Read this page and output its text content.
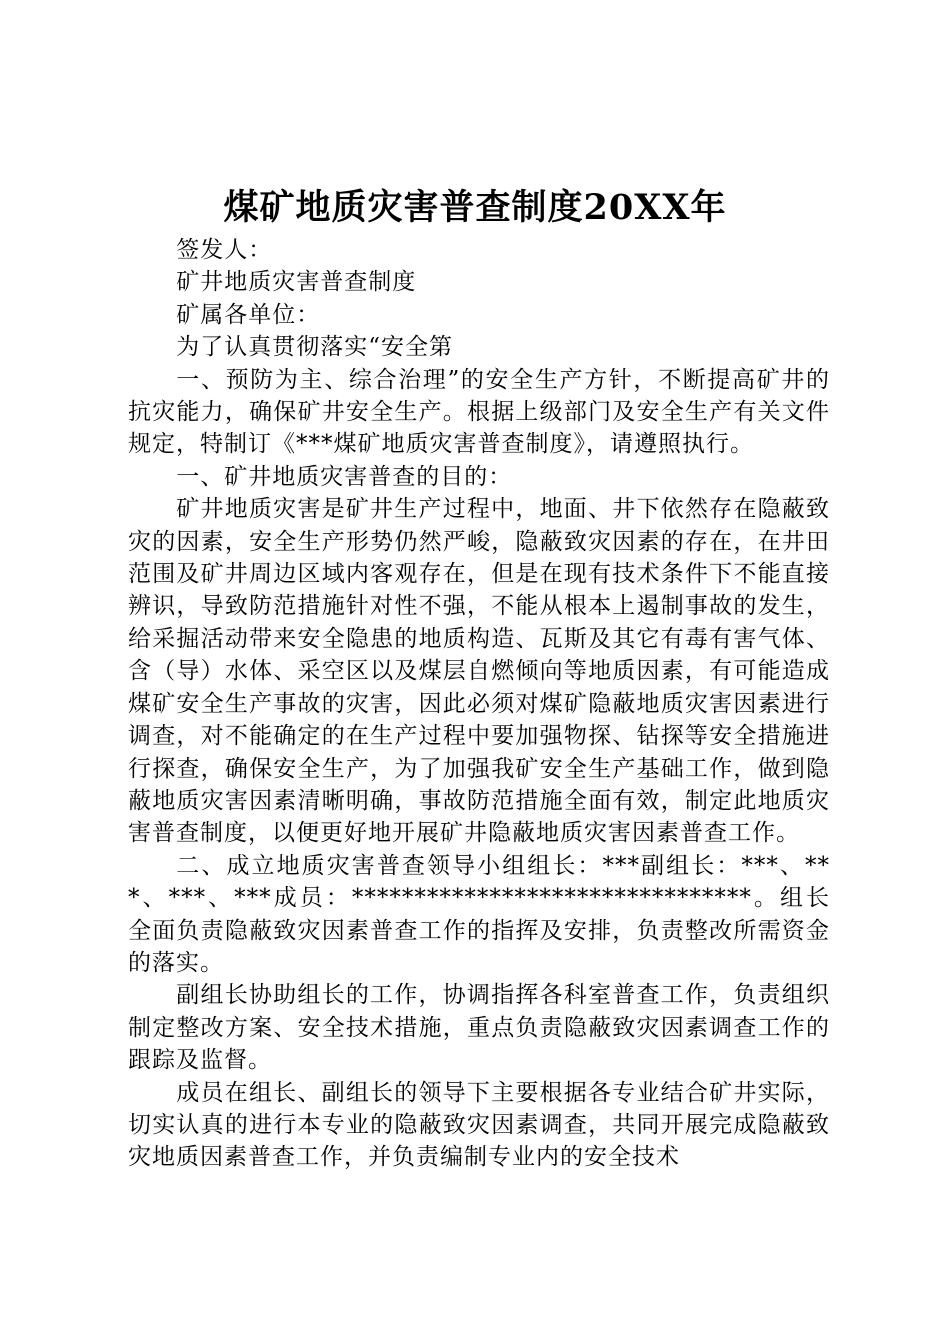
煤矿地质灾害普查制度20XX年

签发人：

矿井地质灾害普查制度

矿属各单位：

为了认真贯彻落实“安全第

一、预防为主、综合治理”的安全生产方针，不断提高矿井的抗灾能力，确保矿井安全生产。根据上级部门及安全生产有关文件规定，特制订《***煤矿地质灾害普查制度》，请遵照执行。

一、矿井地质灾害普查的目的：

矿井地质灾害是矿井生产过程中，地面、井下依然存在隐蔽致灾的因素，安全生产形势仍然严峻，隐蔽致灾因素的存在，在井田范围及矿井周边区域内客观存在，但是在现有技术条件下不能直接辨识，导致防范措施针对性不强，不能从根本上遏制事故的发生，给采掘活动带来安全隐患的地质构造、瓦斯及其它有毒有害气体、含（导）水体、采空区以及煤层自燃倾向等地质因素，有可能造成煤矿安全生产事故的灾害，因此必须对煤矿隐蔽地质灾害因素进行调查，对不能确定的在生产过程中要加强物探、钻探等安全措施进行探查，确保安全生产，为了加强我矿安全生产基础工作，做到隐蔽地质灾害因素清晰明确，事故防范措施全面有效，制定此地质灾害普查制度，以便更好地开展矿井隐蔽地质灾害因素普查工作。

二、成立地质灾害普查领导小组组长：***副组长：***、***、***、***成员：********************************。组长全面负责隐蔽致灾因素普查工作的指挥及安排，负责整改所需资金的落实。

副组长协助组长的工作，协调指挥各科室普查工作，负责组织制定整改方案、安全技术措施，重点负责隐蔽致灾因素调查工作的跟踪及监督。

成员在组长、副组长的领导下主要根据各专业结合矿井实际，切实认真的进行本专业的隐蔽致灾因素调查，共同开展完成隐蔽致灾地质因素普查工作，并负责编制专业内的安全技术
